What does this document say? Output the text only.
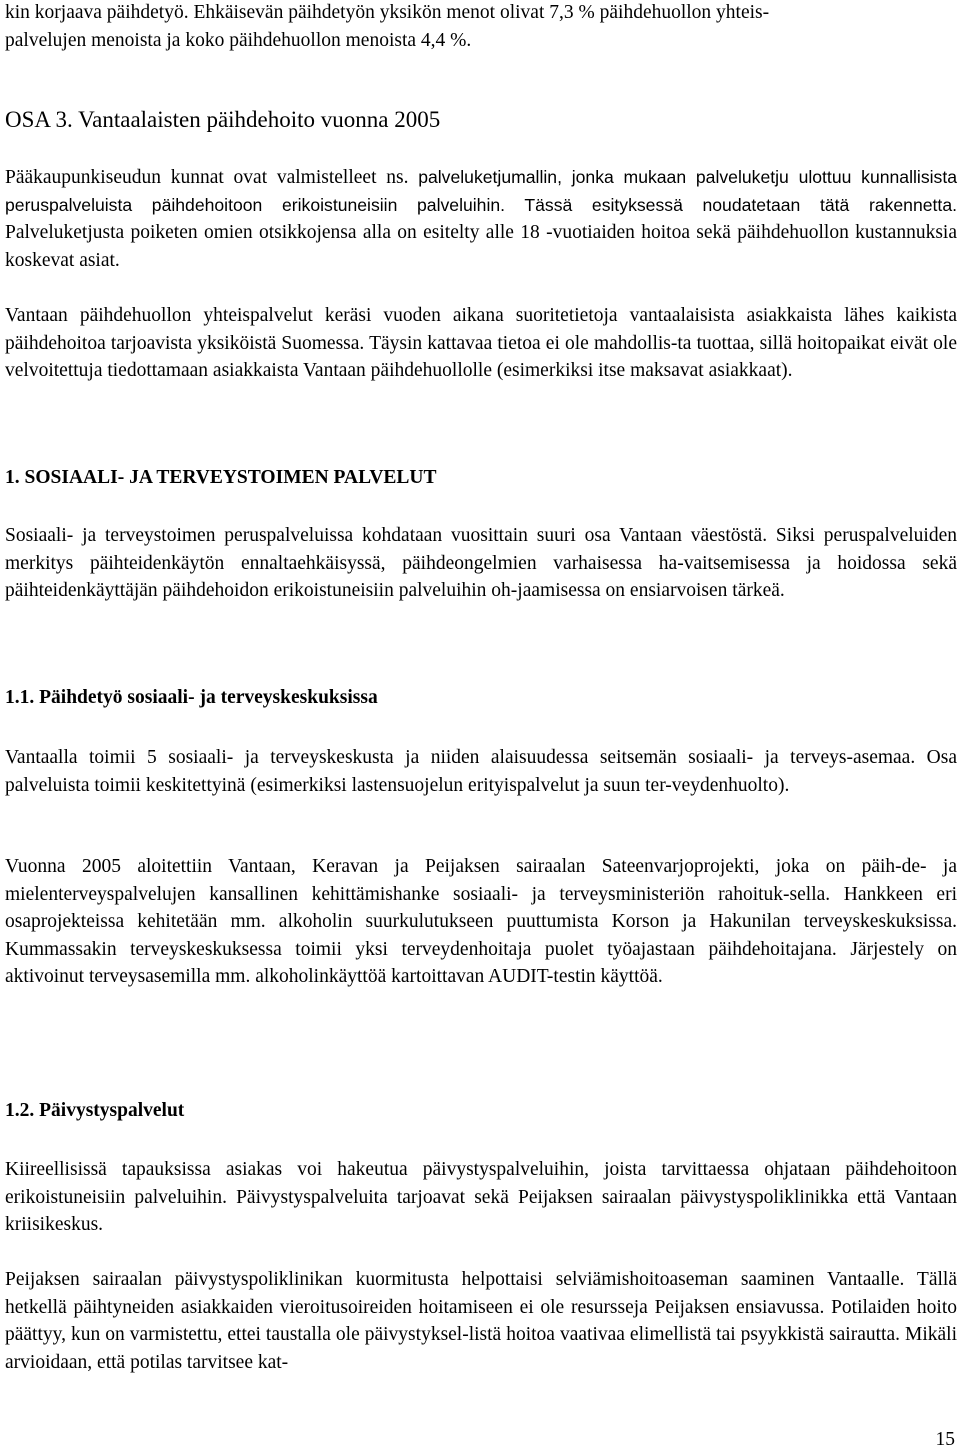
kin korjaava päihdetyö. Ehkäisevän päihdetyön yksikön menot olivat 7,3 % päihdehuollon yhteis-
palvelujen menoista ja koko päihdehuollon menoista 4,4 %.

OSA 3. Vantaalaisten päihdehoito vuonna 2005

Pääkaupunkiseudun kunnat ovat valmistelleet ns. palveluketjumallin, jonka mukaan palveluketju ulottuu kunnallisista peruspalveluista päihdehoitoon erikoistuneisiin palveluihin. Tässä esityksessä noudatetaan tätä rakennetta. Palveluketjusta poiketen omien otsikkojensa alla on esitelty alle 18 -vuotiaiden hoitoa sekä päihdehuollon kustannuksia koskevat asiat.

Vantaan päihdehuollon yhteispalvelut keräsi vuoden aikana suoritetietoja vantaalaisista asiakkaista lähes kaikista päihdehoitoa tarjoavista yksiköistä Suomessa. Täysin kattavaa tietoa ei ole mahdollis-ta tuottaa, sillä hoitopaikat eivät ole velvoitettuja tiedottamaan asiakkaista Vantaan päihdehuollolle (esimerkiksi itse maksavat asiakkaat).

1. SOSIAALI- JA TERVEYSTOIMEN PALVELUT

Sosiaali- ja terveystoimen peruspalveluissa kohdataan vuosittain suuri osa Vantaan väestöstä. Siksi peruspalveluiden merkitys päihteidenkäytön ennaltaehkäisyssä, päihdeongelmien varhaisessa ha-vaitsemisessa ja hoidossa sekä päihteidenkäyttäjän päihdehoidon erikoistuneisiin palveluihin oh-jaamisessa on ensiarvoisen tärkeä.

1.1. Päihdetyö sosiaali- ja terveyskeskuksissa

Vantaalla toimii 5 sosiaali- ja terveyskeskusta ja niiden alaisuudessa seitsemän sosiaali- ja terveys-asemaa. Osa palveluista toimii keskitettyinä (esimerkiksi lastensuojelun erityispalvelut ja suun ter-veydenhuolto).

Vuonna 2005 aloitettiin Vantaan, Keravan ja Peijaksen sairaalan Sateenvarjoprojekti, joka on päih-de- ja mielenterveyspalvelujen kansallinen kehittämishanke sosiaali- ja terveysministeriön rahoituk-sella. Hankkeen eri osaprojekteissa kehitetään mm. alkoholin suurkulutukseen puuttumista Korson ja Hakunilan terveyskeskuksissa. Kummassakin terveyskeskuksessa toimii yksi terveydenhoitaja puolet työajastaan päihdehoitajana. Järjestely on aktivoinut terveysasemilla mm. alkoholinkäyttöä kartoittavan AUDIT-testin käyttöä.

1.2. Päivystyspalvelut

Kiireellisissä tapauksissa asiakas voi hakeutua päivystyspalveluihin, joista tarvittaessa ohjataan päihdehoitoon erikoistuneisiin palveluihin. Päivystyspalveluita tarjoavat sekä Peijaksen sairaalan päivystyspoliklinikka että Vantaan kriisikeskus.

Peijaksen sairaalan päivystyspoliklinikan kuormitusta helpottaisi selviämishoitoaseman saaminen Vantaalle. Tällä hetkellä päihtyneiden asiakkaiden vieroitusoireiden hoitamiseen ei ole resursseja Peijaksen ensiavussa. Potilaiden hoito päättyy, kun on varmistettu, ettei taustalla ole päivystyksel-listä hoitoa vaativaa elimellistä tai psyykkistä sairautta. Mikäli arvioidaan, että potilas tarvitsee kat-

15
